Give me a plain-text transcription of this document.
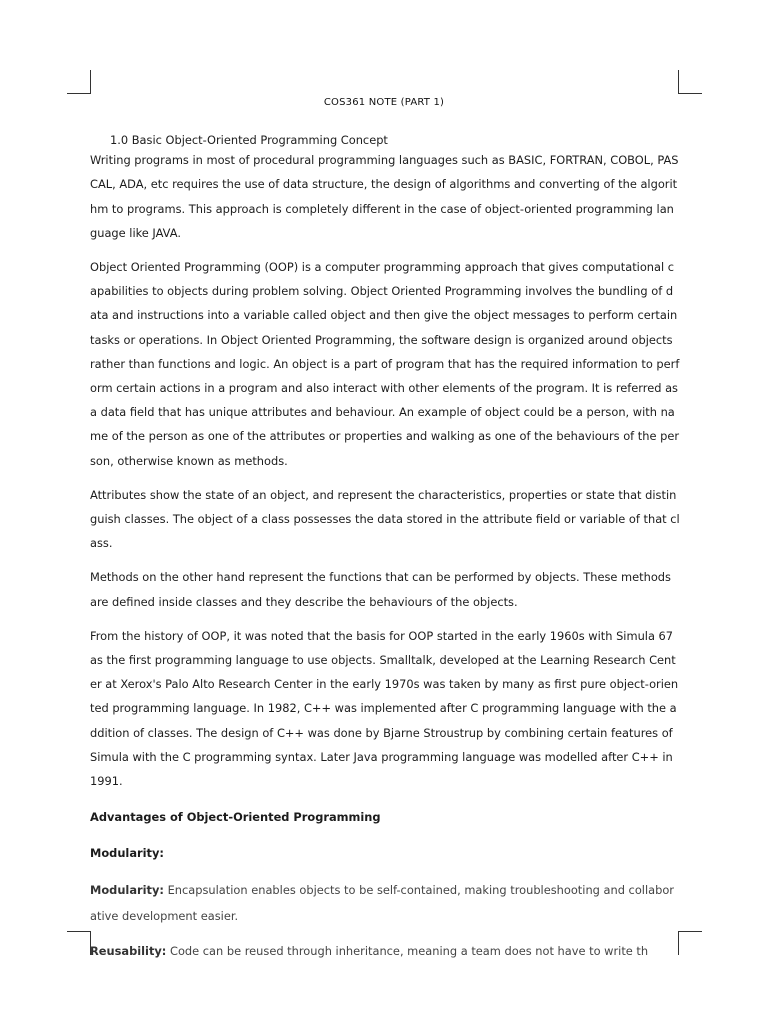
COS361 NOTE (PART 1)

1.0 Basic Object-Oriented Programming Concept

Writing programs in most of procedural programming languages such as BASIC, FORTRAN, COBOL, PASCAL, ADA, etc requires the use of data structure, the design of algorithms and converting of the algorithm to programs. This approach is completely different in the case of object-oriented programming language like JAVA.

Object Oriented Programming (OOP) is a computer programming approach that gives computational capabilities to objects during problem solving. Object Oriented Programming involves the bundling of data and instructions into a variable called object and then give the object messages to perform certain tasks or operations. In Object Oriented Programming, the software design is organized around objects rather than functions and logic. An object is a part of program that has the required information to perform certain actions in a program and also interact with other elements of the program. It is referred as a data field that has unique attributes and behaviour. An example of object could be a person, with name of the person as one of the attributes or properties and walking as one of the behaviours of the person, otherwise known as methods.

Attributes show the state of an object, and represent the characteristics, properties or state that distinguish classes. The object of a class possesses the data stored in the attribute field or variable of that class.

Methods on the other hand represent the functions that can be performed by objects. These methods are defined inside classes and they describe the behaviours of the objects.

From the history of OOP, it was noted that the basis for OOP started in the early 1960s with Simula 67 as the first programming language to use objects. Smalltalk, developed at the Learning Research Center at Xerox's Palo Alto Research Center in the early 1970s was taken by many as first pure object-oriented programming language. In 1982, C++ was implemented after C programming language with the addition of classes. The design of C++ was done by Bjarne Stroustrup by combining certain features of Simula with the C programming syntax. Later Java programming language was modelled after C++ in 1991.

Advantages of Object-Oriented Programming

Modularity:

Modularity: Encapsulation enables objects to be self-contained, making troubleshooting and collaborative development easier.

Reusability: Code can be reused through inheritance, meaning a team does not have to write th
